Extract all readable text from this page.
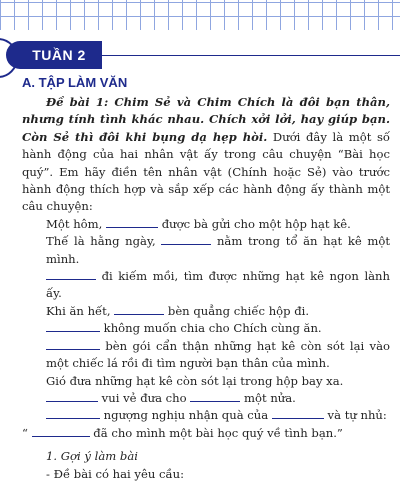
TUẦN 2
A. TẬP LÀM VĂN

Đề bài 1: Chim Sẻ và Chim Chích là đôi bạn thân, nhưng tính tình khác nhau. Chích xởi lởi, hay giúp bạn. Còn Sẻ thì đôi khi bụng dạ hẹp hòi. Dưới đây là một số hành động của hai nhân vật ấy trong câu chuyện “Bài học quý”. Em hãy điền tên nhân vật (Chính hoặc Sẻ) vào trước hành động thích hợp và sắp xếp các hành động ấy thành một câu chuyện:

Một hôm,	được bà gửi cho một hộp hạt kê.

Thế là hằng ngày,	nằm trong tổ ăn hạt kê một mình.

đi kiếm mồi, tìm được những hạt kê ngon lành ấy.

Khi ăn hết,	bèn quẳng chiếc hộp đi.

không muốn chia cho Chích cùng ăn.

bèn gói cẩn thận những hạt kê còn sót lại vào một chiếc lá rồi đi tìm người bạn thân của mình.

Gió đưa những hạt kê còn sót lại trong hộp bay xa.

vui vẻ đưa cho	một nửa.

ngượng nghịu nhận quà của	và tự nhủ:

“	đã cho mình một bài học quý về tình bạn.”

1. Gợi ý làm bài

- Đề bài có hai yêu cầu:
